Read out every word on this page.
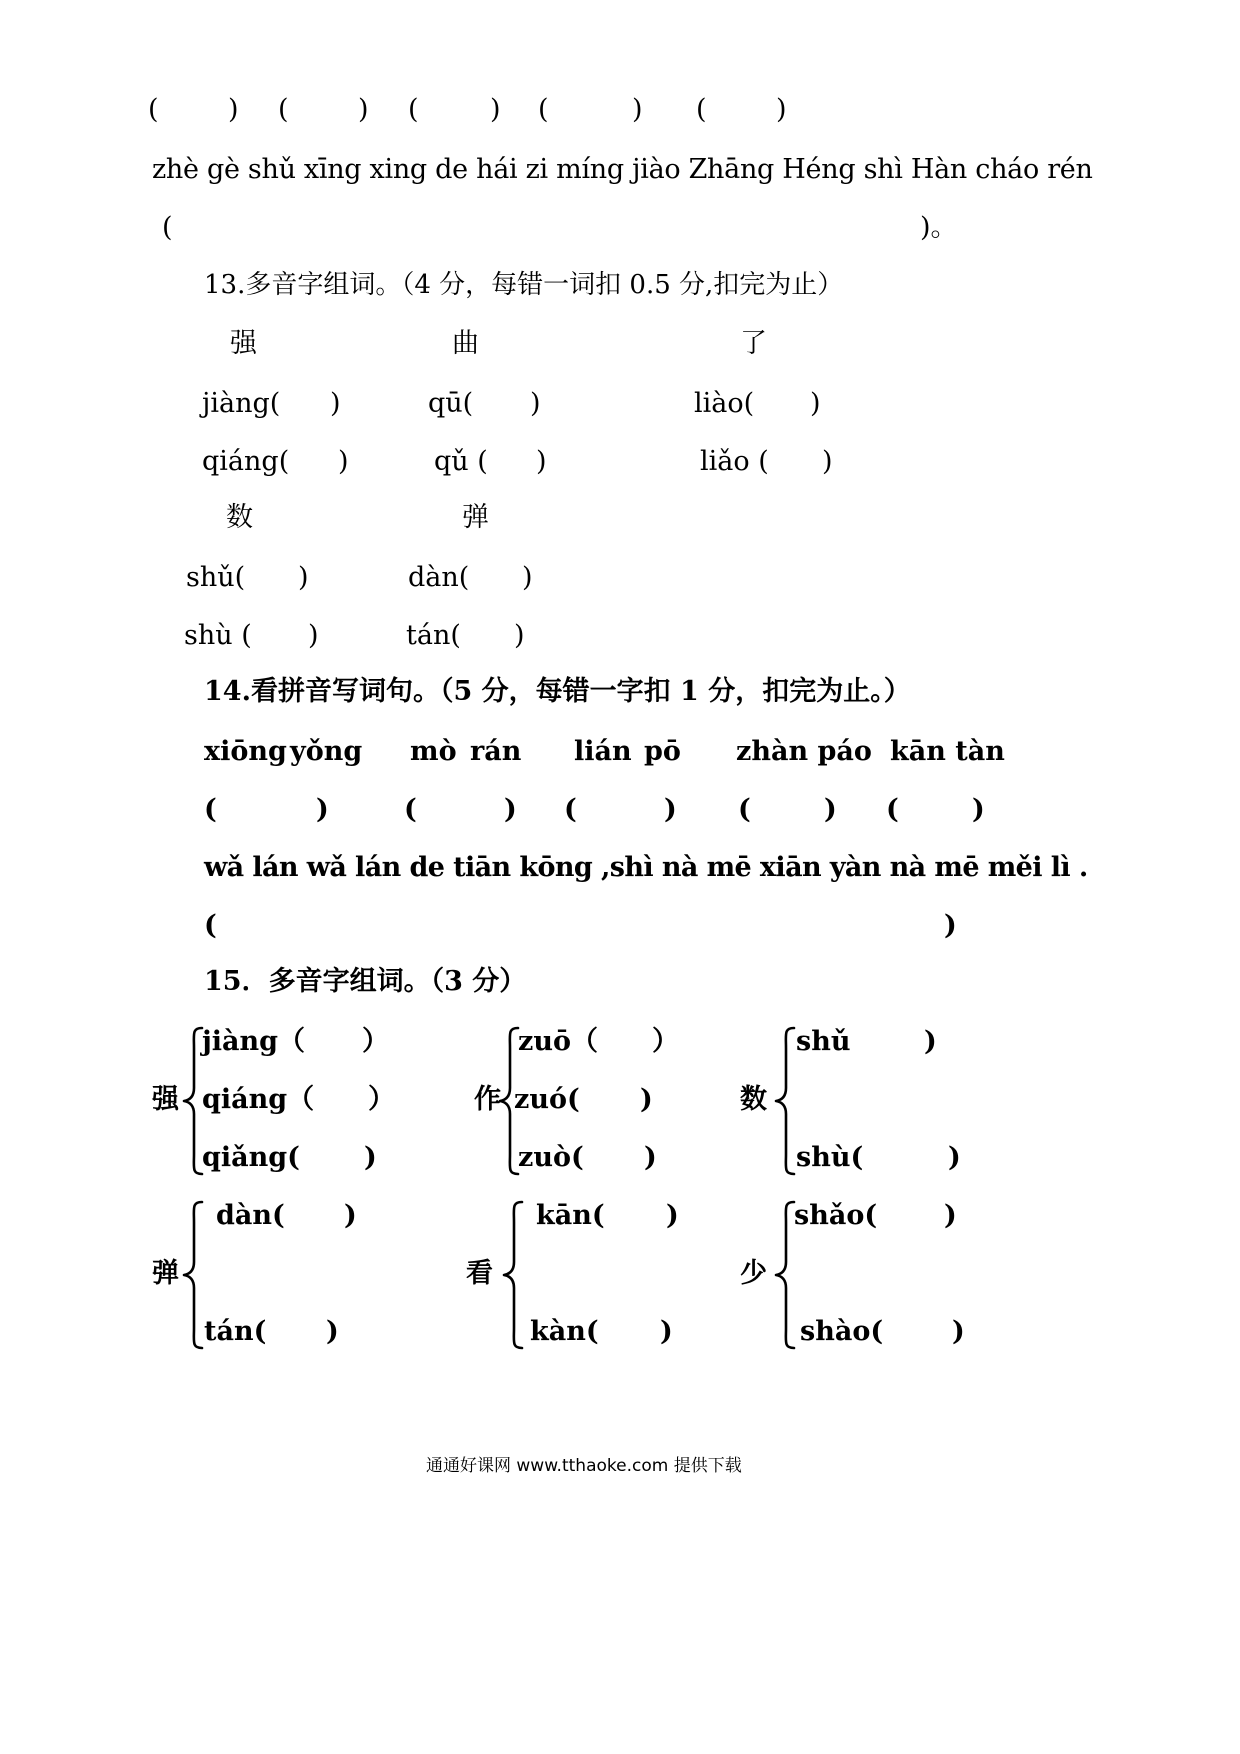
(	) (	) (	) (	) (	)
zhè gè shǔ xīng xing de hái zi míng jiào Zhāng Héng shì Hàn cháo rén
(	)。
13.多音字组词。（4 分，每错一词扣 0.5 分,扣完为止）
强	曲	了
jiàng( )	qū( )	liào( )
qiáng( )	qǔ ( )	liǎo ( )
数	弹
shǔ( )	dàn( )
shù ( )	tán( )
14.看拼音写词句。（5 分，每错一字扣 1 分，扣完为止。）
xiōng yǒng mò rán lián pō zhàn páo kān tàn
(	)	(	) (	) (	) (	)
wǎ lán wǎ lán de tiān kōng ,shì nà mē xiān yàn nà mē měi lì .
(	)
15．多音字组词。（3 分）
强
jiàng（ ）
qiáng（ ）
qiǎng( )
作
zuō（ ）
zuó( )
zuò( )
数
shǔ	)
shù(	)
弹
dàn( )
tán( )
看
kān( )
kàn( )
少
shǎo( )
shào(	)
通通好课网 www.tthaoke.com 提供下载
